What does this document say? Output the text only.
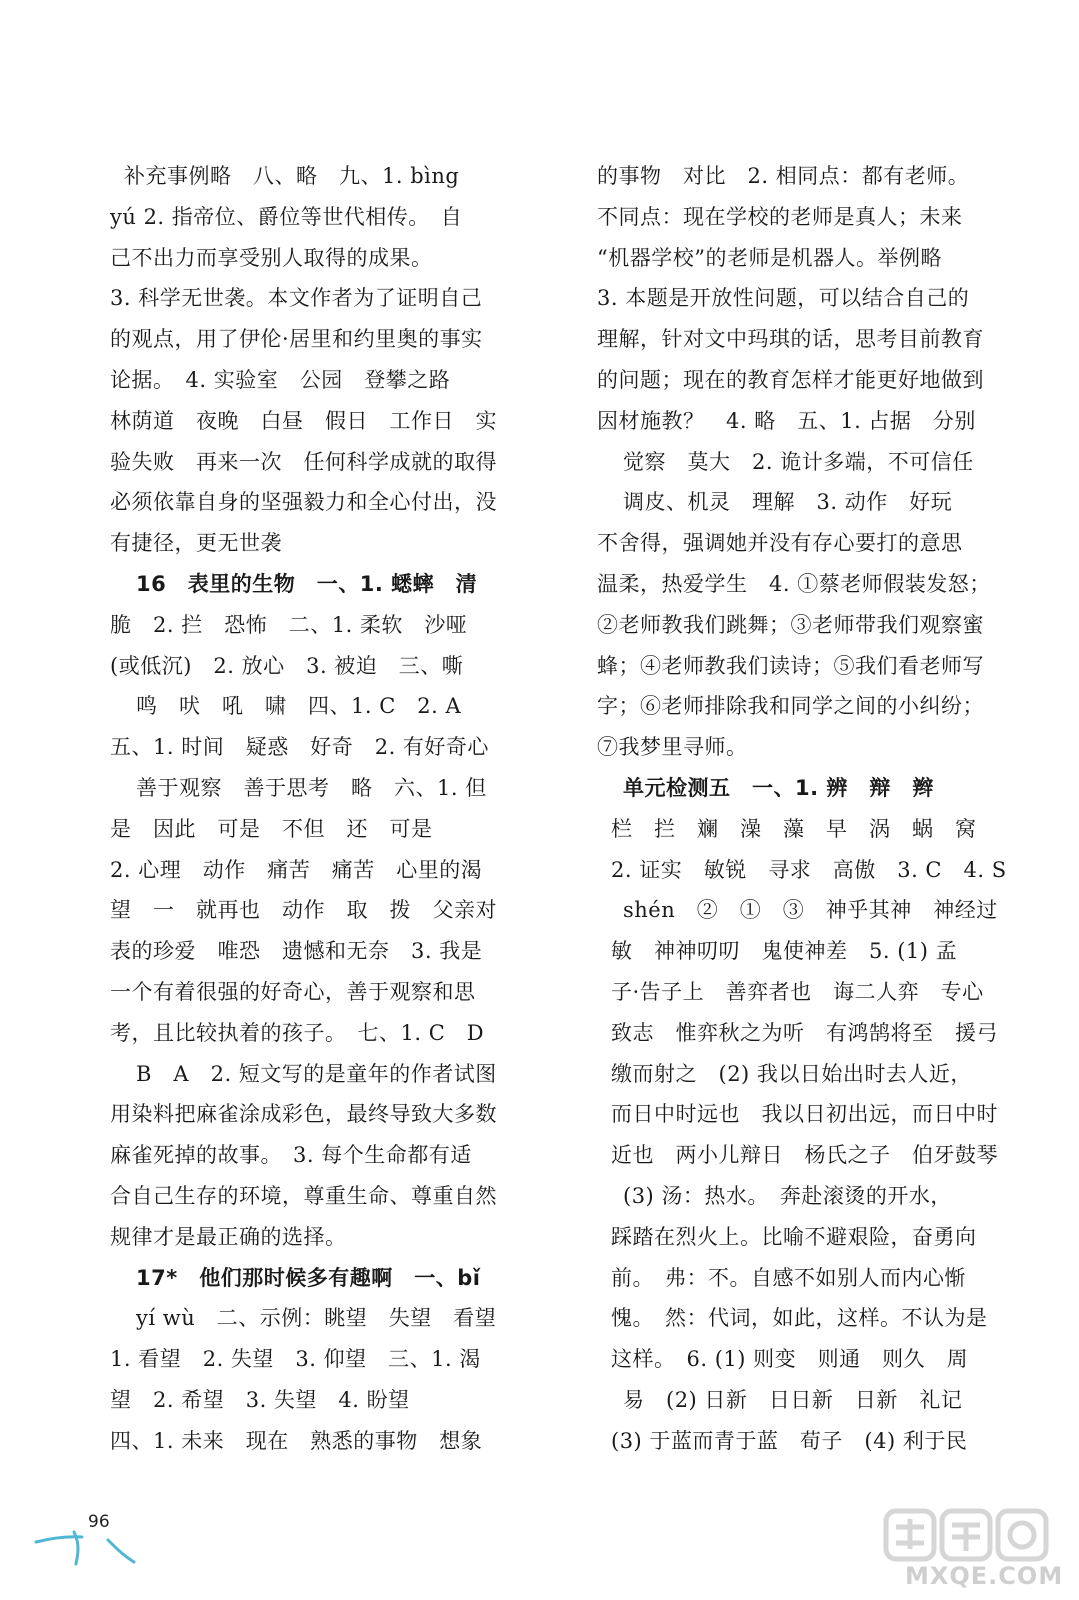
补充事例略　八、略　九、1. bìng
yú 2. 指帝位、爵位等世代相传。　自
己不出力而享受别人取得的成果。
3. 科学无世袭。本文作者为了证明自己
的观点，用了伊伦·居里和约里奥的事实
论据。　4. 实验室　公园　登攀之路
林荫道　夜晚　白昼　假日　工作日　实
验失败　再来一次　任何科学成就的取得
必须依靠自身的坚强毅力和全心付出，没
有捷径，更无世袭
16　表里的生物　一、1. 蟋蟀　清
脆　2. 拦　恐怖　二、1. 柔软　沙哑
(或低沉)　2. 放心　3. 被迫　三、嘶
鸣　吠　吼　啸　四、1. C　2. A
五、1. 时间　疑惑　好奇　2. 有好奇心
善于观察　善于思考　略　六、1. 但
是　因此　可是　不但　还　可是
2. 心理　动作　痛苦　痛苦　心里的渴
望　一　就再也　动作　取　拨　父亲对
表的珍爱　唯恐　遗憾和无奈　3. 我是
一个有着很强的好奇心，善于观察和思
考，且比较执着的孩子。　七、1. C　D
B　A　2. 短文写的是童年的作者试图
用染料把麻雀涂成彩色，最终导致大多数
麻雀死掉的故事。　3. 每个生命都有适
合自己生存的环境，尊重生命、尊重自然
规律才是最正确的选择。
17*　他们那时候多有趣啊　一、bǐ
yí wù　二、示例：眺望　失望　看望
1. 看望　2. 失望　3. 仰望　三、1. 渴
望　2. 希望　3. 失望　4. 盼望
四、1. 未来　现在　熟悉的事物　想象
的事物　对比　2. 相同点：都有老师。
不同点：现在学校的老师是真人；未来
“机器学校”的老师是机器人。举例略
3. 本题是开放性问题，可以结合自己的
理解，针对文中玛琪的话，思考目前教育
的问题；现在的教育怎样才能更好地做到
因材施教？　4. 略　五、1. 占据　分别
觉察　莫大　2. 诡计多端，不可信任
调皮、机灵　理解　3. 动作　好玩
不舍得，强调她并没有存心要打的意思
温柔，热爱学生　4. ①蔡老师假装发怒；
②老师教我们跳舞；③老师带我们观察蜜
蜂；④老师教我们读诗；⑤我们看老师写
字；⑥老师排除我和同学之间的小纠纷；
⑦我梦里寻师。
单元检测五　一、1. 辨　辩　辫
栏　拦　斓　澡　藻　早　涡　蜗　窝
2. 证实　敏锐　寻求　高傲　3. C　4. S
shén　②　①　③　神乎其神　神经过
敏　神神叨叨　鬼使神差　5. (1) 孟
子·告子上　善弈者也　诲二人弈　专心
致志　惟弈秋之为听　有鸿鹄将至　援弓
缴而射之　(2) 我以日始出时去人近，
而日中时远也　我以日初出远，而日中时
近也　两小儿辩日　杨氏之子　伯牙鼓琴
(3) 汤：热水。　奔赴滚烫的开水，
踩踏在烈火上。比喻不避艰险，奋勇向
前。　弗：不。自感不如别人而内心惭
愧。　然：代词，如此，这样。不认为是
这样。　6. (1) 则变　则通　则久　周
易　(2) 日新　日日新　日新　礼记
(3) 于蓝而青于蓝　荀子　(4) 利于民
96
MXQE.COM
